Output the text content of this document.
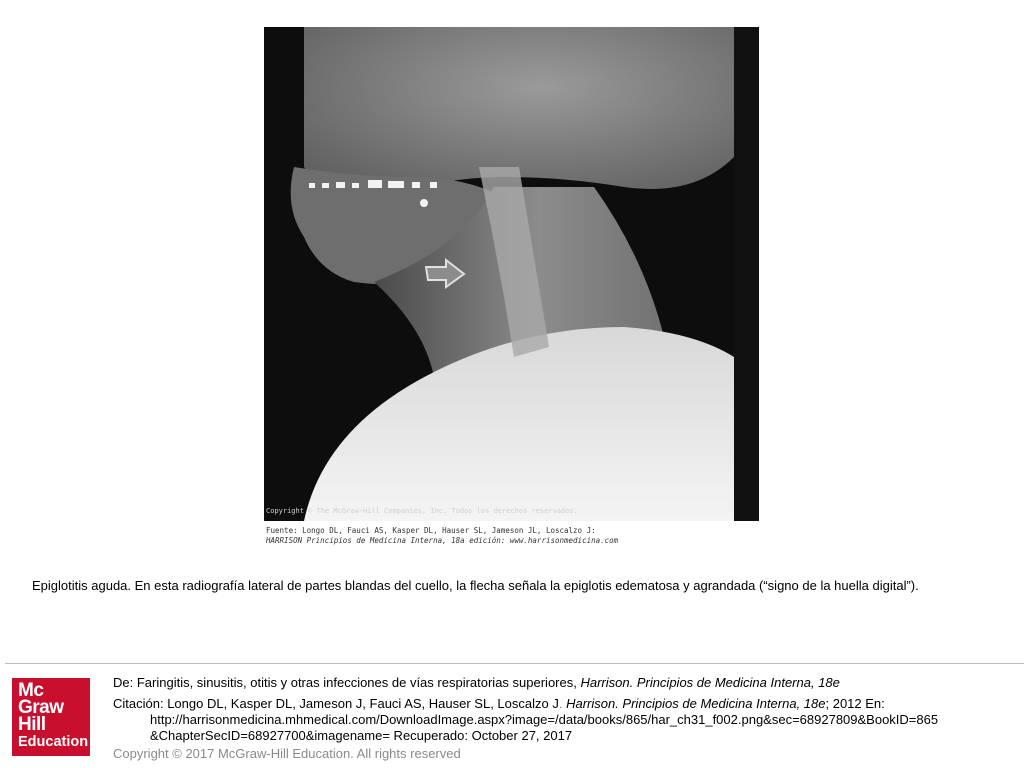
Copyright © The McGraw-Hill Companies, Inc. Todos los derechos reservados.
Fuente: Longo DL, Fauci AS, Kasper DL, Hauser SL, Jameson JL, Loscalzo J:
HARRISON Principios de Medicina Interna, 18a edición: www.harrisonmedicina.com
Epiglotitis aguda. En esta radiografía lateral de partes blandas del cuello, la flecha señala la epiglotis edematosa y agrandada (“signo de la huella digital”).
Mc
Graw
Hill
Education
De: Faringitis, sinusitis, otitis y otras infecciones de vías respiratorias superiores, Harrison. Principios de Medicina Interna, 18e
Citación: Longo DL, Kasper DL, Jameson J, Fauci AS, Hauser SL, Loscalzo J. Harrison. Principios de Medicina Interna, 18e; 2012 En:
http://harrisonmedicina.mhmedical.com/DownloadImage.aspx?image=/data/books/865/har_ch31_f002.png&sec=68927809&BookID=865
&ChapterSecID=68927700&imagename= Recuperado: October 27, 2017
Copyright © 2017 McGraw-Hill Education. All rights reserved
